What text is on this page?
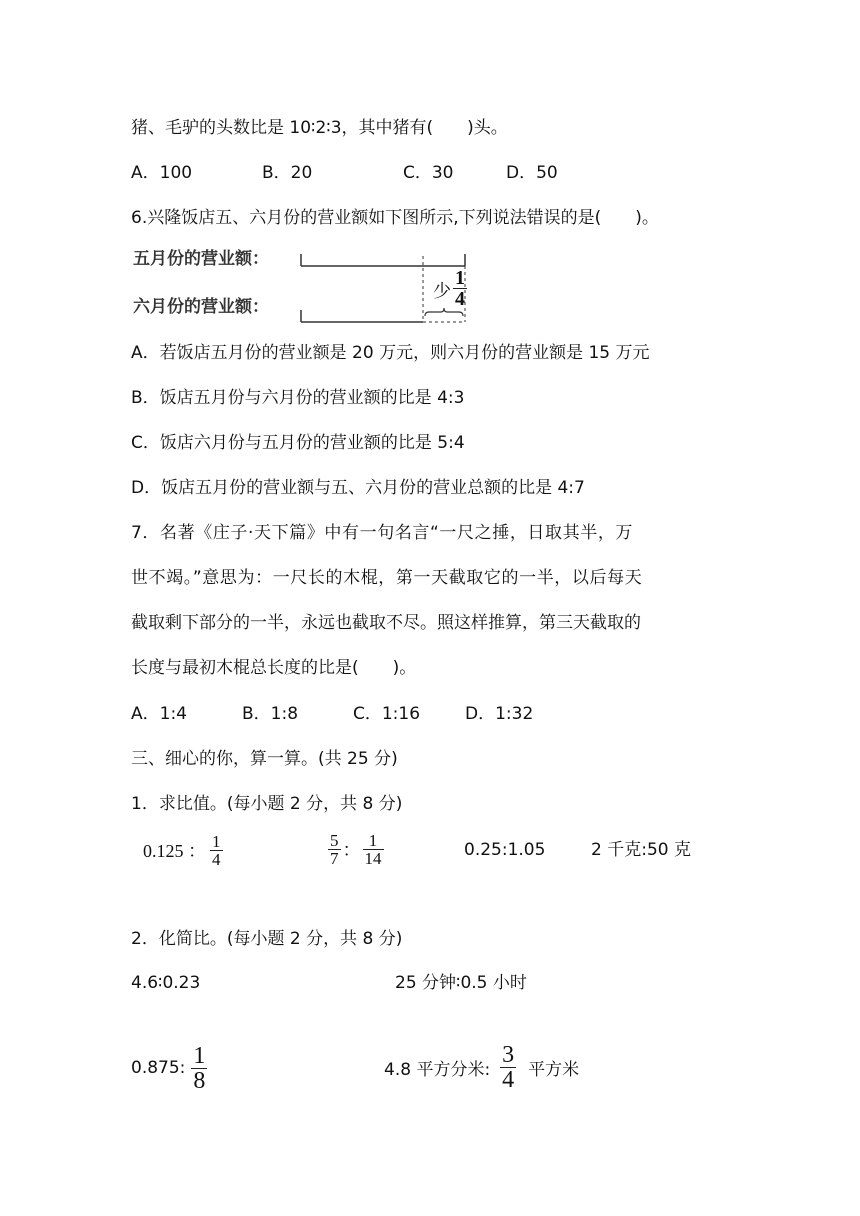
猪、毛驴的头数比是 10∶2∶3，其中猪有(　　)头。
A．100	B．20	C．30	D．50
6.兴隆饭店五、六月份的营业额如下图所示,下列说法错误的是(　　)。
五月份的营业额：
六月份的营业额：
少 $\frac{1}{4}$
A．若饭店五月份的营业额是 20 万元，则六月份的营业额是 15 万元
B．饭店五月份与六月份的营业额的比是 4:3
C．饭店六月份与五月份的营业额的比是 5:4
D．饭店五月份的营业额与五、六月份的营业总额的比是 4:7
7．名著《庄子·天下篇》中有一句名言“一尺之捶，日取其半，万
世不竭。”意思为：一尺长的木棍，第一天截取它的一半，以后每天
截取剩下部分的一半，永远也截取不尽。照这样推算，第三天截取的
长度与最初木棍总长度的比是(　　)。
A．1:4	B．1:8	C．1:16	D．1:32
三、细心的你，算一算。(共 25 分)
1．求比值。(每小题 2 分，共 8 分)
0.125 ： $\frac{1}{4}$	$\frac{5}{7}$ ： $\frac{1}{14}$	0.25:1.05	2 千克:50 克
2．化简比。(每小题 2 分，共 8 分)
4.6∶0.23	25 分钟∶0.5 小时
0.875: $\frac{1}{8}$	4.8 平方分米: $\frac{3}{4}$ 平方米
